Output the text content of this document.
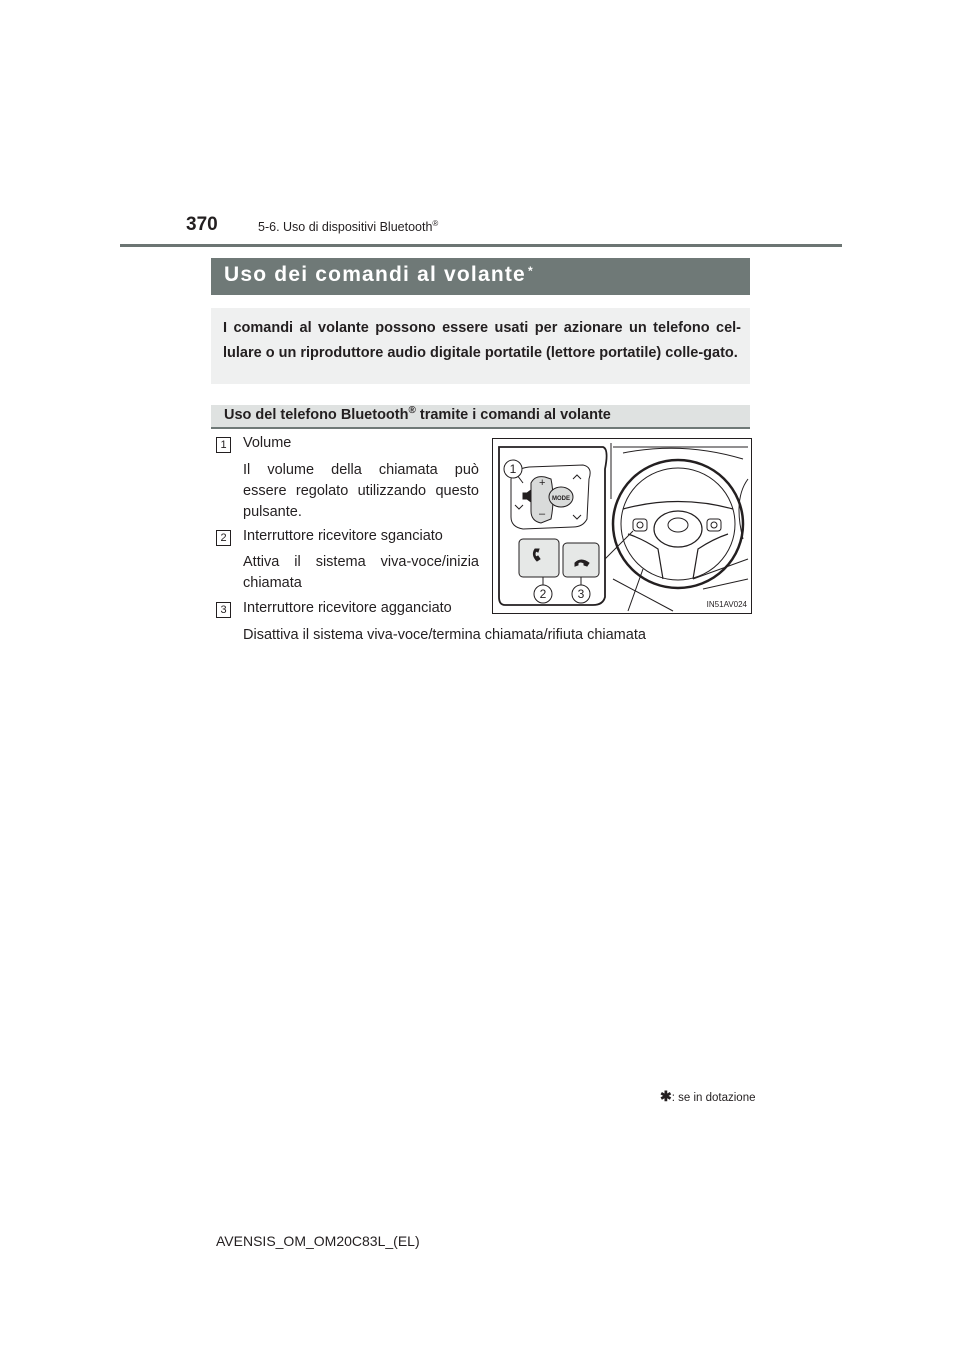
370	5-6. Uso di dispositivi Bluetooth®
Uso dei comandi al volante *
I comandi al volante possono essere usati per azionare un telefono cel-lulare o un riproduttore audio digitale portatile (lettore portatile) colle-gato.
Uso del telefono Bluetooth® tramite i comandi al volante
1	Volume
Il volume della chiamata può
essere regolato utilizzando questo
pulsante.
2	Interruttore ricevitore sganciato
Attiva il sistema viva-voce/inizia
chiamata
3	Interruttore ricevitore agganciato
Disattiva il sistema viva-voce/termina chiamata/rifiuta chiamata
+
–
1
2	3
MODE
IN51AV024
✱: se in dotazione
AVENSIS_OM_OM20C83L_(EL)
